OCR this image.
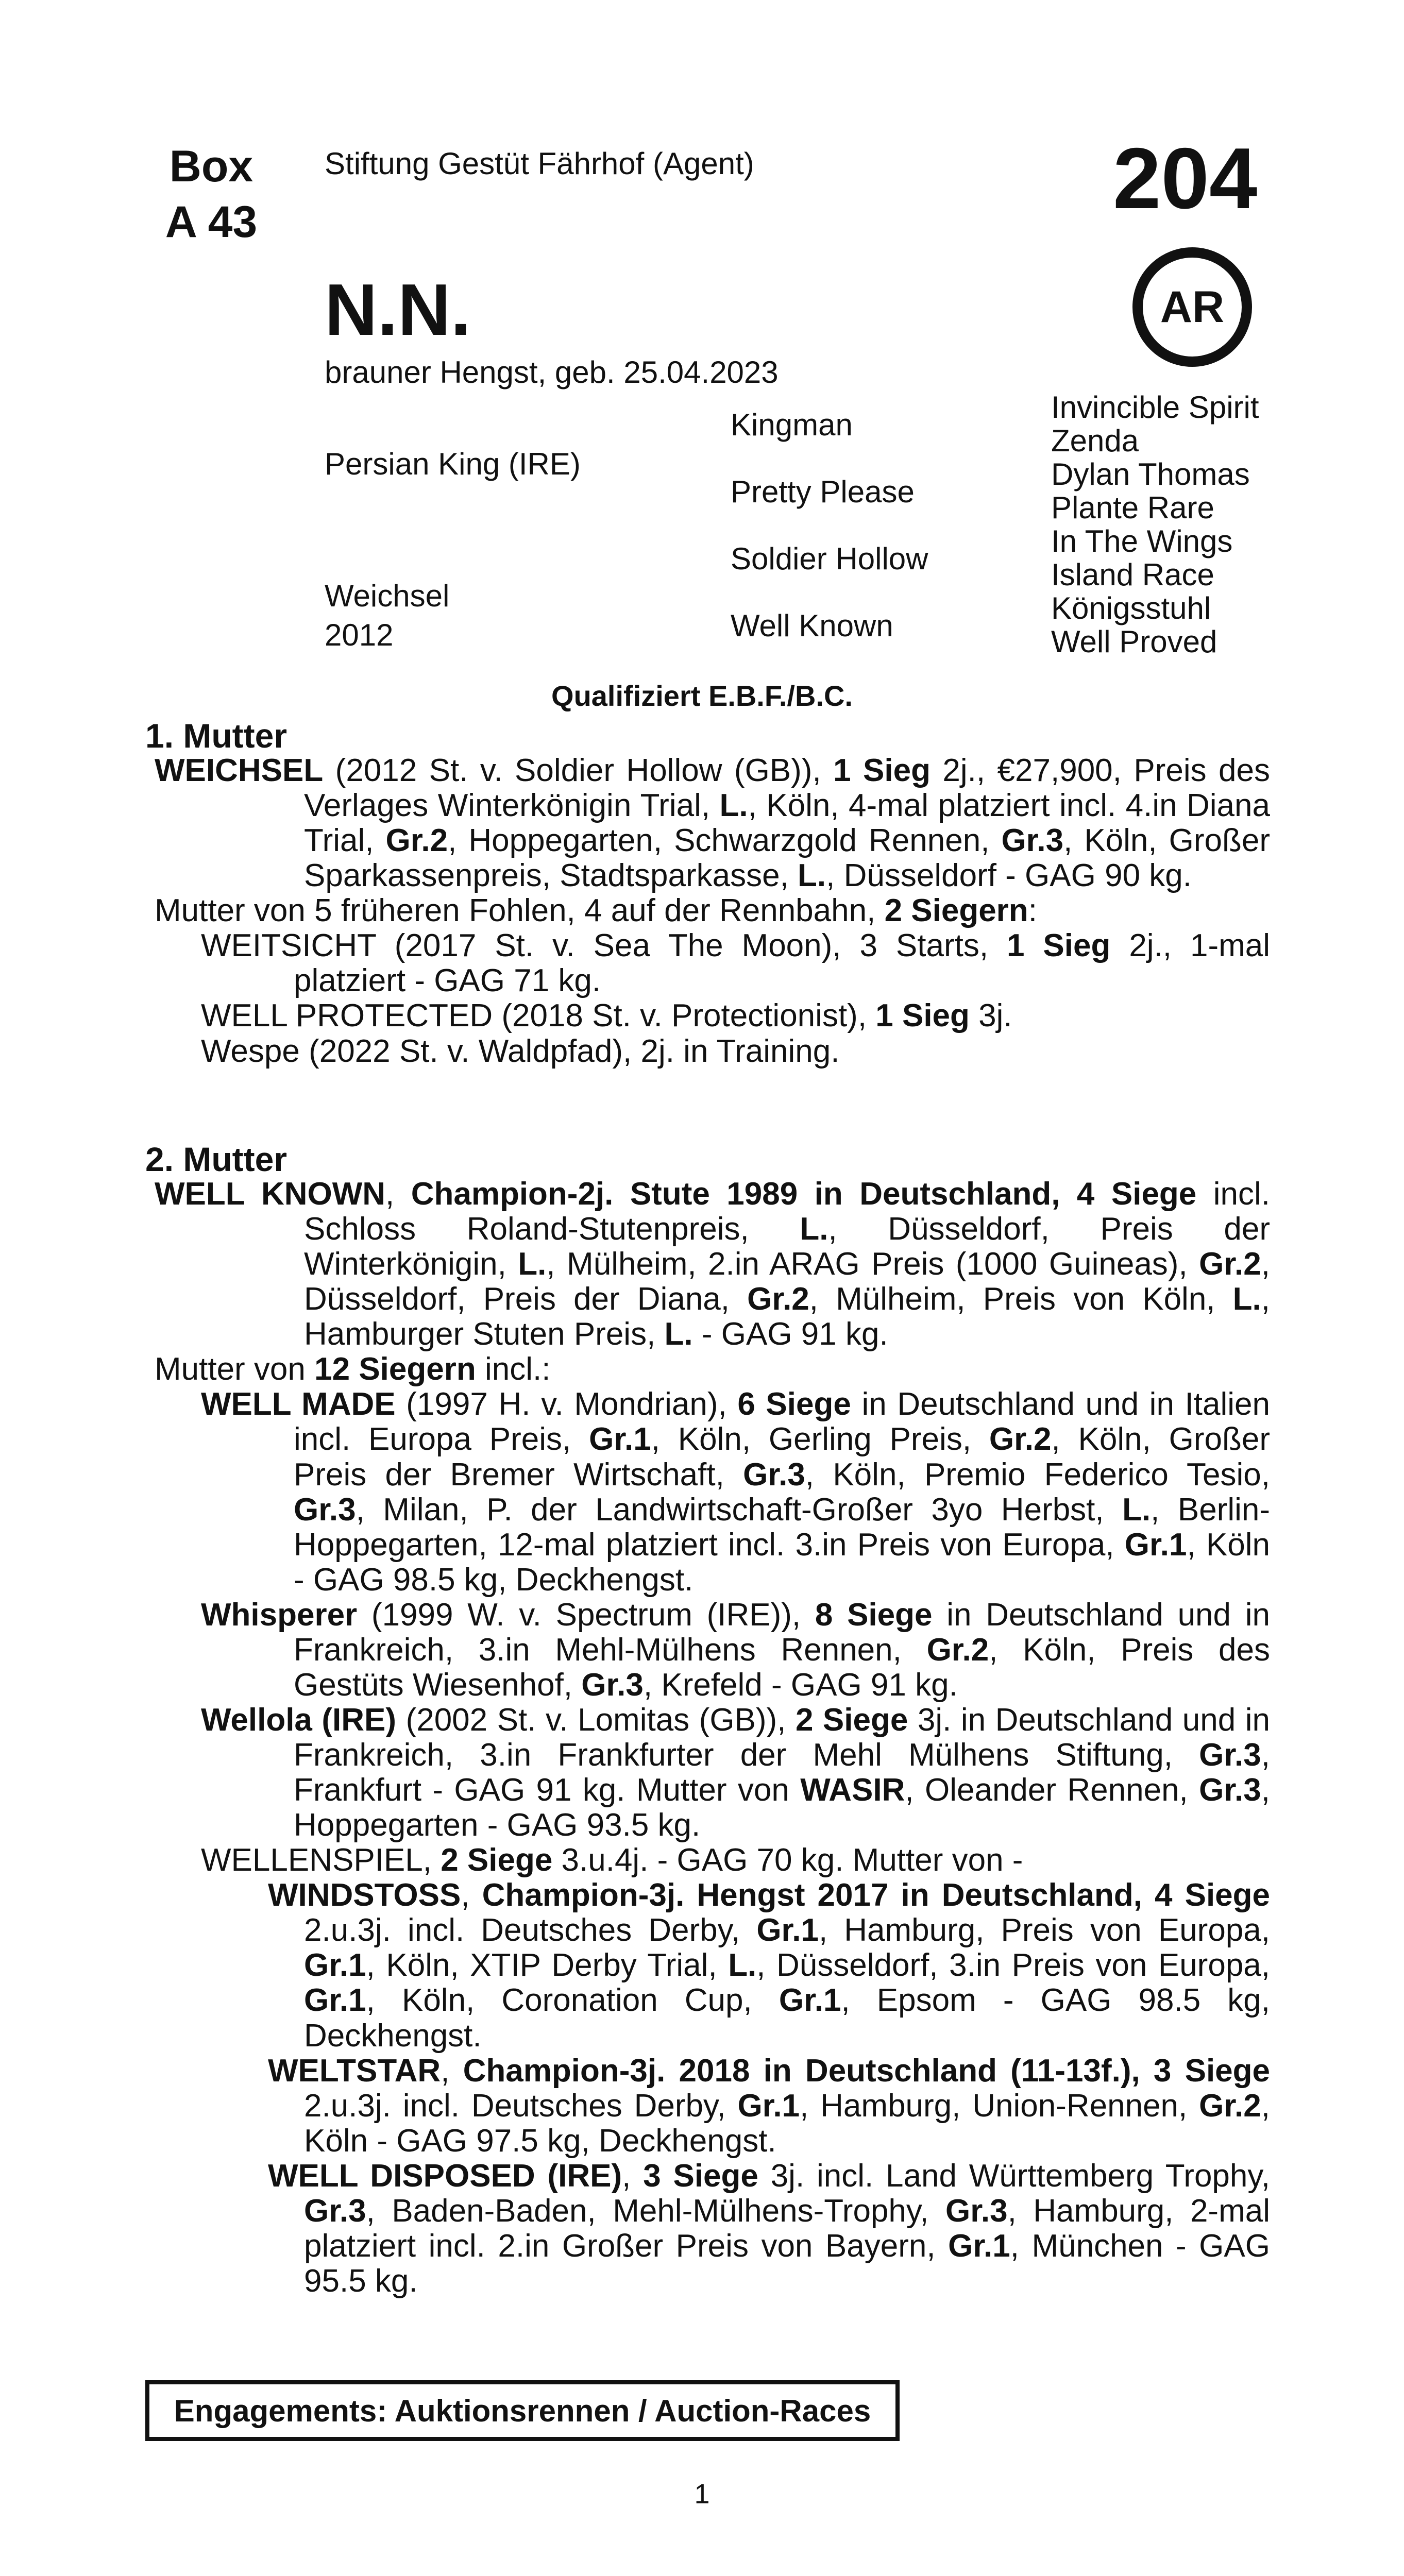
Box
A 43
Stiftung Gestüt Fährhof (Agent)	204
AR
N.N.
brauner Hengst, geb. 25.04.2023
Persian King (IRE)
Weichsel
2012
Kingman
Pretty Please
Soldier Hollow
Well Known
Invincible Spirit
Zenda
Dylan Thomas
Plante Rare
In The Wings
Island Race
Königsstuhl
Well Proved
Qualifiziert E.B.F./B.C.
1. Mutter

WEICHSEL (2012 St. v. Soldier Hollow (GB)), 1 Sieg 2j., €27,900, Preis des Verlages Winterkönigin Trial, L., Köln, 4-mal platziert incl. 4.in Diana Trial, Gr.2, Hoppegarten, Schwarzgold Rennen, Gr.3, Köln, Großer Sparkassenpreis, Stadtsparkasse, L., Düsseldorf - GAG 90 kg.

Mutter von 5 früheren Fohlen, 4 auf der Rennbahn, 2 Siegern:

WEITSICHT (2017 St. v. Sea The Moon), 3 Starts, 1 Sieg 2j., 1-mal platziert - GAG 71 kg.

WELL PROTECTED (2018 St. v. Protectionist), 1 Sieg 3j.

Wespe (2022 St. v. Waldpfad), 2j. in Training.

2. Mutter

WELL KNOWN, Champion-2j. Stute 1989 in Deutschland, 4 Siege incl. Schloss Roland-Stutenpreis, L., Düsseldorf, Preis der Winterkönigin, L., Mülheim, 2.in ARAG Preis (1000 Guineas), Gr.2, Düsseldorf, Preis der Diana, Gr.2, Mülheim, Preis von Köln, L., Hamburger Stuten Preis, L. - GAG 91 kg.

Mutter von 12 Siegern incl.:

WELL MADE (1997 H. v. Mondrian), 6 Siege in Deutschland und in Italien incl. Europa Preis, Gr.1, Köln, Gerling Preis, Gr.2, Köln, Großer Preis der Bremer Wirtschaft, Gr.3, Köln, Premio Federico Tesio, Gr.3, Milan, P. der Landwirtschaft-Großer 3yo Herbst, L., Berlin-Hoppegarten, 12-mal platziert incl. 3.in Preis von Europa, Gr.1, Köln - GAG 98.5 kg, Deckhengst.

Whisperer (1999 W. v. Spectrum (IRE)), 8 Siege in Deutschland und in Frankreich, 3.in Mehl-Mülhens Rennen, Gr.2, Köln, Preis des Gestüts Wiesenhof, Gr.3, Krefeld - GAG 91 kg.

Wellola (IRE) (2002 St. v. Lomitas (GB)), 2 Siege 3j. in Deutschland und in Frankreich, 3.in Frankfurter der Mehl Mülhens Stiftung, Gr.3, Frankfurt - GAG 91 kg. Mutter von WASIR, Oleander Rennen, Gr.3, Hoppegarten - GAG 93.5 kg.

WELLENSPIEL, 2 Siege 3.u.4j. - GAG 70 kg. Mutter von -

WINDSTOSS, Champion-3j. Hengst 2017 in Deutschland, 4 Siege 2.u.3j. incl. Deutsches Derby, Gr.1, Hamburg, Preis von Europa, Gr.1, Köln, XTIP Derby Trial, L., Düsseldorf, 3.in Preis von Europa, Gr.1, Köln, Coronation Cup, Gr.1, Epsom - GAG 98.5 kg, Deckhengst.

WELTSTAR, Champion-3j. 2018 in Deutschland (11-13f.), 3 Siege 2.u.3j. incl. Deutsches Derby, Gr.1, Hamburg, Union-Rennen, Gr.2, Köln - GAG 97.5 kg, Deckhengst.

WELL DISPOSED (IRE), 3 Siege 3j. incl. Land Württemberg Trophy, Gr.3, Baden-Baden, Mehl-Mülhens-Trophy, Gr.3, Hamburg, 2-mal platziert incl. 2.in Großer Preis von Bayern, Gr.1, München - GAG 95.5 kg.

Engagements: Auktionsrennen / Auction-Races
1
